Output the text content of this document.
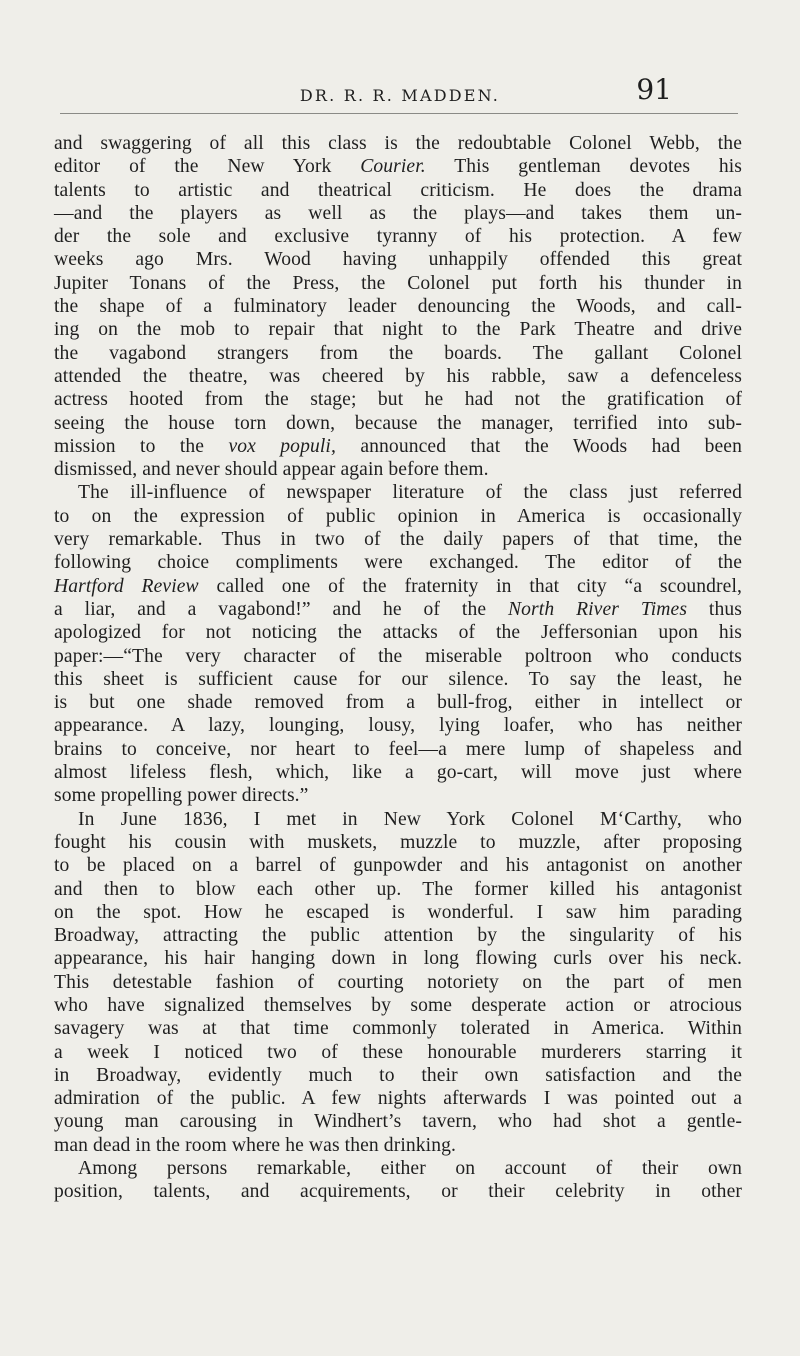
DR. R. R. MADDEN.	91
and swaggering of all this class is the redoubtable Colonel Webb, the
editor of the New York Courier. This gentleman devotes his
talents to artistic and theatrical criticism. He does the drama
—and the players as well as the plays—and takes them un-
der the sole and exclusive tyranny of his protection. A few
weeks ago Mrs. Wood having unhappily offended this great
Jupiter Tonans of the Press, the Colonel put forth his thunder in
the shape of a fulminatory leader denouncing the Woods, and call-
ing on the mob to repair that night to the Park Theatre and drive
the vagabond strangers from the boards. The gallant Colonel
attended the theatre, was cheered by his rabble, saw a defenceless
actress hooted from the stage; but he had not the gratification of
seeing the house torn down, because the manager, terrified into sub-
mission to the vox populi, announced that the Woods had been
dismissed, and never should appear again before them.
The ill-influence of newspaper literature of the class just referred
to on the expression of public opinion in America is occasionally
very remarkable. Thus in two of the daily papers of that time, the
following choice compliments were exchanged. The editor of the
Hartford Review called one of the fraternity in that city “a scoundrel,
a liar, and a vagabond!” and he of the North River Times thus
apologized for not noticing the attacks of the Jeffersonian upon his
paper:—“The very character of the miserable poltroon who conducts
this sheet is sufficient cause for our silence. To say the least, he
is but one shade removed from a bull-frog, either in intellect or
appearance. A lazy, lounging, lousy, lying loafer, who has neither
brains to conceive, nor heart to feel—a mere lump of shapeless and
almost lifeless flesh, which, like a go-cart, will move just where
some propelling power directs.”
In June 1836, I met in New York Colonel M‘Carthy, who
fought his cousin with muskets, muzzle to muzzle, after proposing
to be placed on a barrel of gunpowder and his antagonist on another
and then to blow each other up. The former killed his antagonist
on the spot. How he escaped is wonderful. I saw him parading
Broadway, attracting the public attention by the singularity of his
appearance, his hair hanging down in long flowing curls over his neck.
This detestable fashion of courting notoriety on the part of men
who have signalized themselves by some desperate action or atrocious
savagery was at that time commonly tolerated in America. Within
a week I noticed two of these honourable murderers starring it
in Broadway, evidently much to their own satisfaction and the
admiration of the public. A few nights afterwards I was pointed out a
young man carousing in Windhert’s tavern, who had shot a gentle-
man dead in the room where he was then drinking.
Among persons remarkable, either on account of their own
position, talents, and acquirements, or their celebrity in other
